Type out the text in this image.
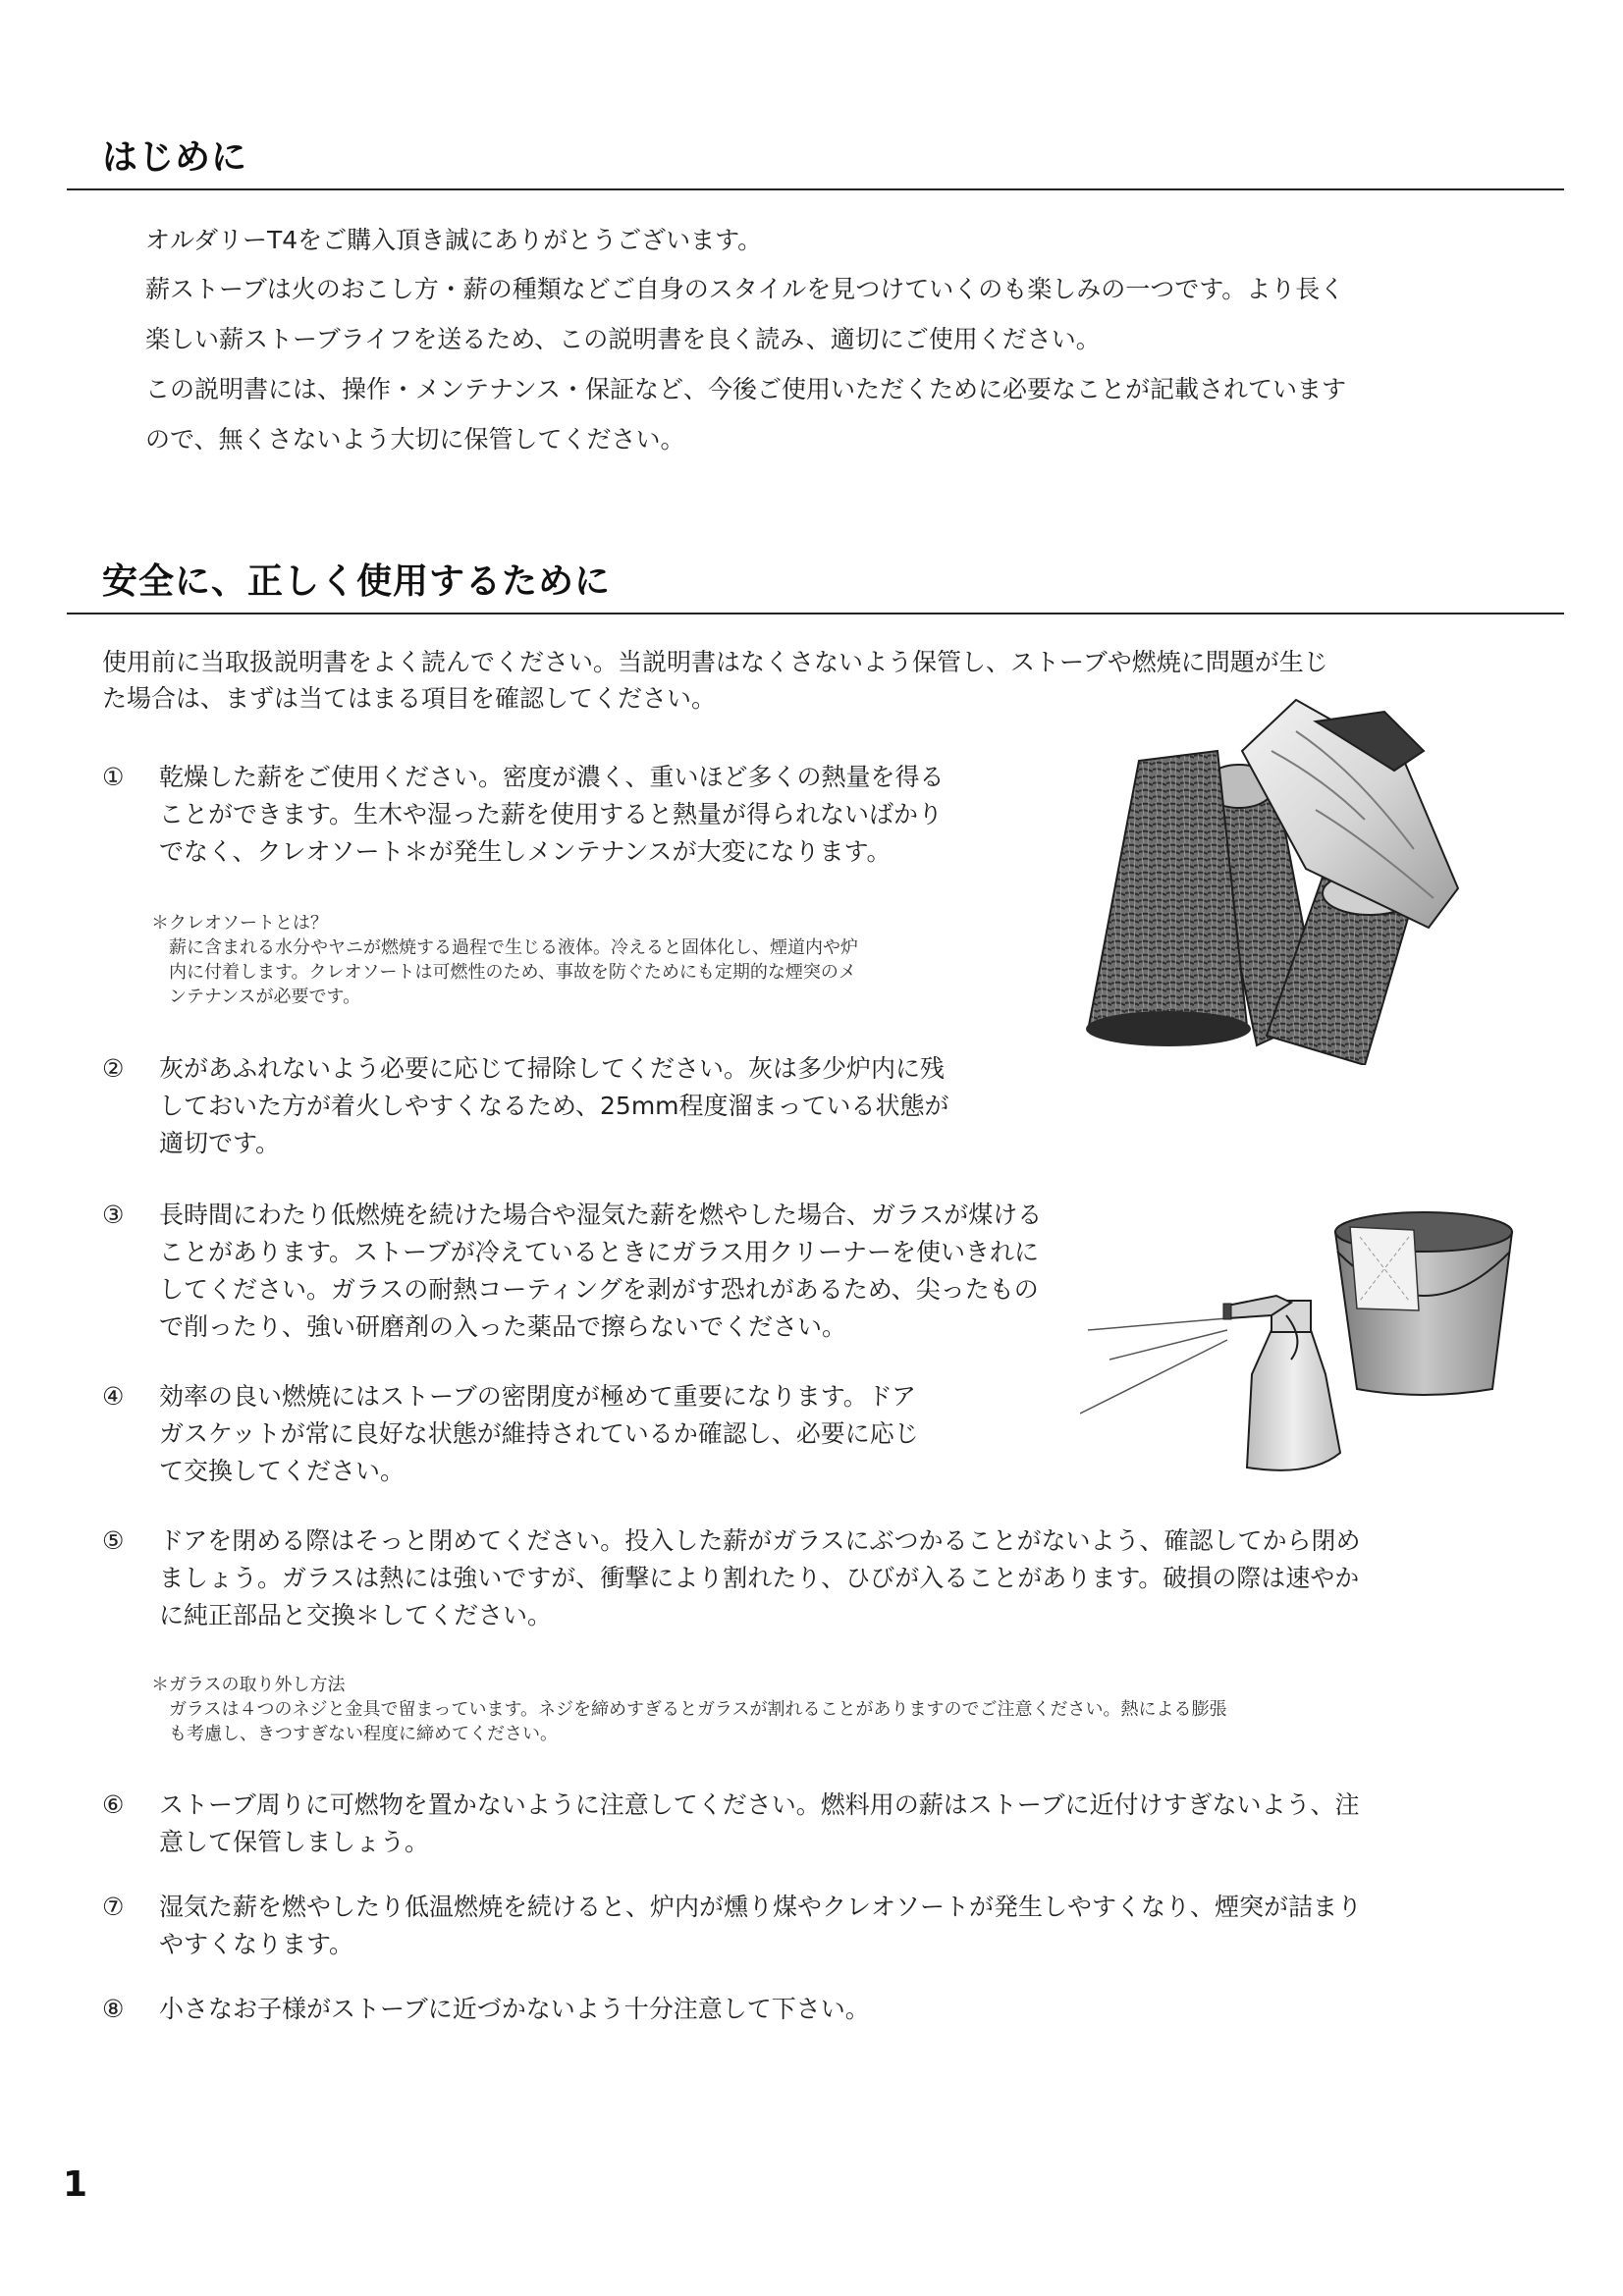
はじめに
オルダリーT4をご購入頂き誠にありがとうございます。
薪ストーブは火のおこし方・薪の種類などご自身のスタイルを見つけていくのも楽しみの一つです。より長く
楽しい薪ストーブライフを送るため、この説明書を良く読み、適切にご使用ください。
この説明書には、操作・メンテナンス・保証など、今後ご使用いただくために必要なことが記載されています
ので、無くさないよう大切に保管してください。
安全に、正しく使用するために
使用前に当取扱説明書をよく読んでください。当説明書はなくさないよう保管し、ストーブや燃焼に問題が生じ
た場合は、まずは当てはまる項目を確認してください。
① 乾燥した薪をご使用ください。密度が濃く、重いほど多くの熱量を得る
ことができます。生木や湿った薪を使用すると熱量が得られないばかり
でなく、クレオソート＊が発生しメンテナンスが大変になります。
＊クレオソートとは？
薪に含まれる水分やヤニが燃焼する過程で生じる液体。冷えると固体化し、煙道内や炉
内に付着します。クレオソートは可燃性のため、事故を防ぐためにも定期的な煙突のメ
ンテナンスが必要です。
② 灰があふれないよう必要に応じて掃除してください。灰は多少炉内に残
しておいた方が着火しやすくなるため、25mm程度溜まっている状態が
適切です。
③ 長時間にわたり低燃焼を続けた場合や湿気た薪を燃やした場合、ガラスが煤ける
ことがあります。ストーブが冷えているときにガラス用クリーナーを使いきれに
してください。ガラスの耐熱コーティングを剥がす恐れがあるため、尖ったもの
で削ったり、強い研磨剤の入った薬品で擦らないでください。
④ 効率の良い燃焼にはストーブの密閉度が極めて重要になります。ドア
ガスケットが常に良好な状態が維持されているか確認し、必要に応じ
て交換してください。
⑤ ドアを閉める際はそっと閉めてください。投入した薪がガラスにぶつかることがないよう、確認してから閉め
ましょう。ガラスは熱には強いですが、衝撃により割れたり、ひびが入ることがあります。破損の際は速やか
に純正部品と交換＊してください。
＊ガラスの取り外し方法
ガラスは４つのネジと金具で留まっています。ネジを締めすぎるとガラスが割れることがありますのでご注意ください。熱による膨張
も考慮し、きつすぎない程度に締めてください。
⑥ ストーブ周りに可燃物を置かないように注意してください。燃料用の薪はストーブに近付けすぎないよう、注
意して保管しましょう。
⑦ 湿気た薪を燃やしたり低温燃焼を続けると、炉内が燻り煤やクレオソートが発生しやすくなり、煙突が詰まり
やすくなります。
⑧ 小さなお子様がストーブに近づかないよう十分注意して下さい。
1
